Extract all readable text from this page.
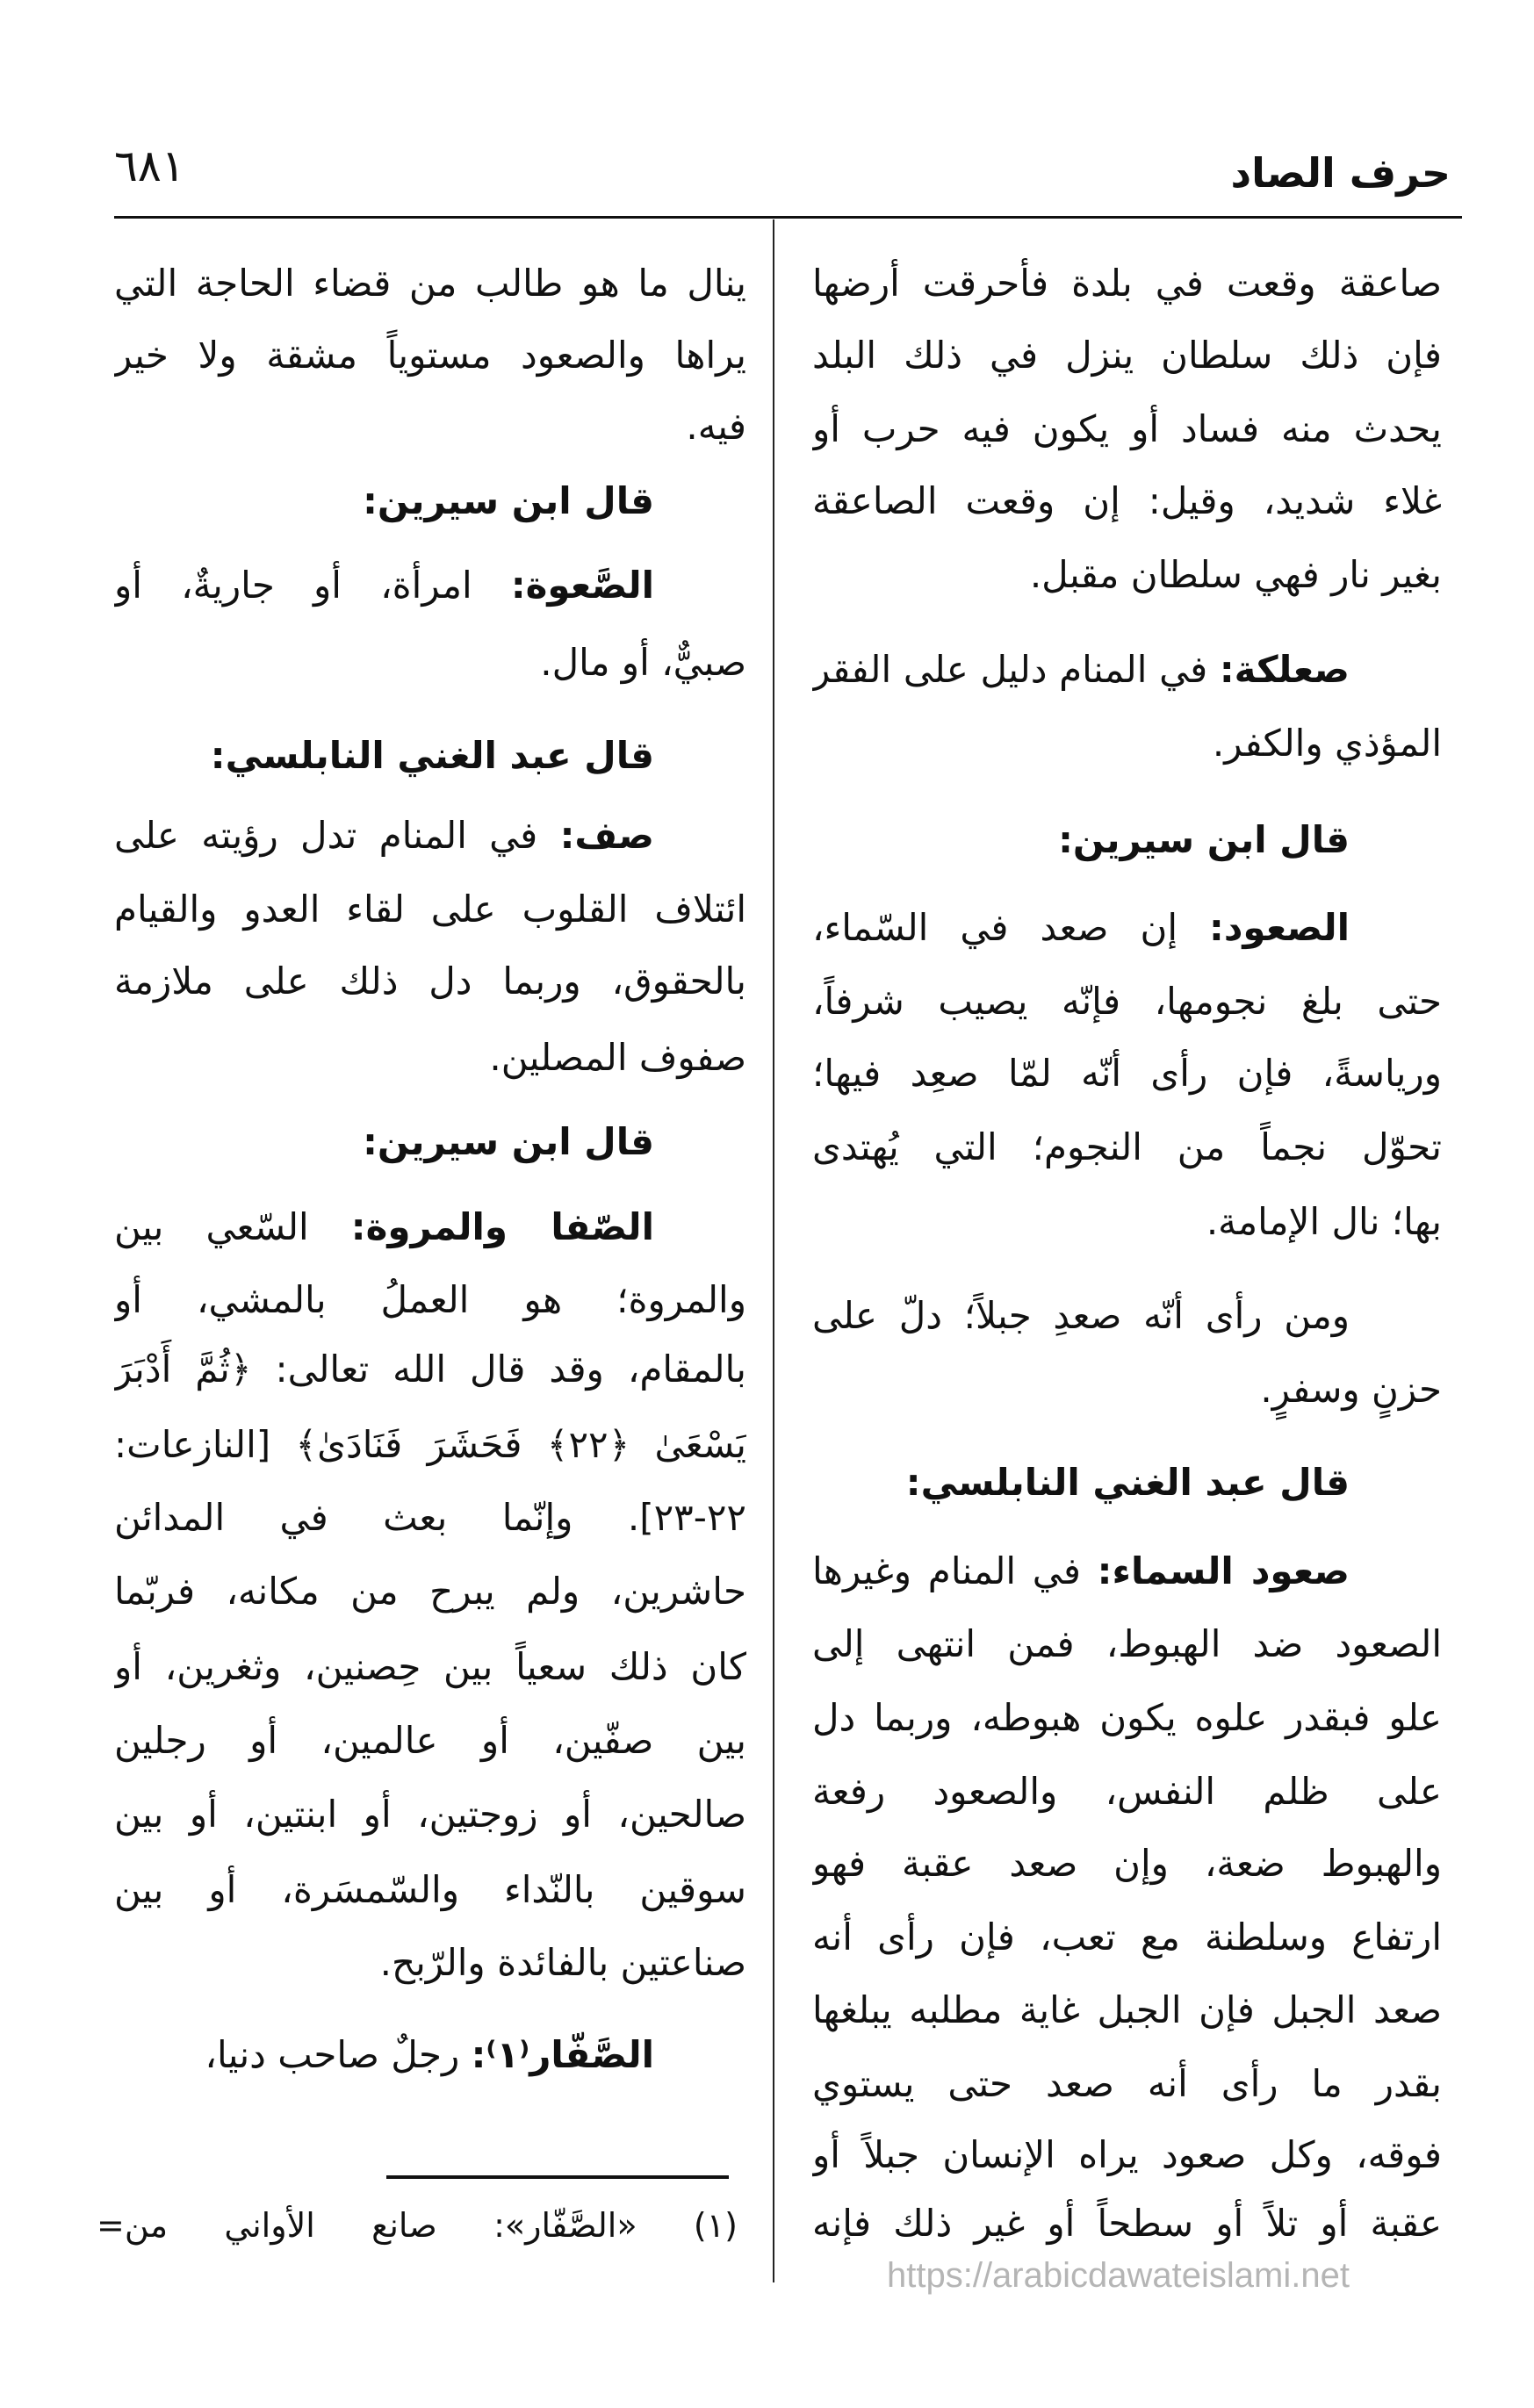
حرف الصاد
٦٨١
صاعقة وقعت في بلدة فأحرقت أرضها
فإن ذلك سلطان ينزل في ذلك البلد
يحدث منه فساد أو يكون فيه حرب أو
غلاء شديد، وقيل: إن وقعت الصاعقة
بغير نار فهي سلطان مقبل.
صعلكة: في المنام دليل على الفقر
المؤذي والكفر.
قال ابن سيرين:
الصعود: إن صعد في السّماء،
حتى بلغ نجومها، فإنّه يصيب شرفاً،
ورياسةً، فإن رأى أنّه لمّا صعِد فيها؛
تحوّل نجماً من النجوم؛ التي يُهتدى
بها؛ نال الإمامة.
ومن رأى أنّه صعدِ جبلاً؛ دلّ على
حزنٍ وسفرٍ.
قال عبد الغني النابلسي:
صعود السماء: في المنام وغيرها
الصعود ضد الهبوط، فمن انتهى إلى
علو فبقدر علوه يكون هبوطه، وربما دل
على ظلم النفس، والصعود رفعة
والهبوط ضعة، وإن صعد عقبة فهو
ارتفاع وسلطنة مع تعب، فإن رأى أنه
صعد الجبل فإن الجبل غاية مطلبه يبلغها
بقدر ما رأى أنه صعد حتى يستوي
فوقه، وكل صعود يراه الإنسان جبلاً أو
عقبة أو تلاً أو سطحاً أو غير ذلك فإنه
ينال ما هو طالب من قضاء الحاجة التي
يراها والصعود مستوياً مشقة ولا خير
فيه.
قال ابن سيرين:
الصَّعوة: امرأة، أو جاريةٌ، أو
صبيٌّ، أو مال.
قال عبد الغني النابلسي:
صف: في المنام تدل رؤيته على
ائتلاف القلوب على لقاء العدو والقيام
بالحقوق، وربما دل ذلك على ملازمة
صفوف المصلين.
قال ابن سيرين:
الصّفا والمروة: السّعي بين
والمروة؛ هو العملُ بالمشي، أو
بالمقام، وقد قال الله تعالى: ﴿ثُمَّ أَدْبَرَ
يَسْعَىٰ ﴿٢٢﴾ فَحَشَرَ فَنَادَىٰ﴾ [النازعات:
٢٢-٢٣]. وإنّما بعث في المدائن
حاشرين، ولم يبرح من مكانه، فربّما
كان ذلك سعياً بين حِصنين، وثغرين، أو
بين صفّين، أو عالمين، أو رجلين
صالحين، أو زوجتين، أو ابنتين، أو بين
سوقين بالنّداء والسّمسَرة، أو بين
صناعتين بالفائدة والرّبح.
الصَّفّار⁽١⁾: رجلٌ صاحب دنيا،
(١) «الصَّفّار»: صانع الأواني من=
https://arabicdawateislami.net
